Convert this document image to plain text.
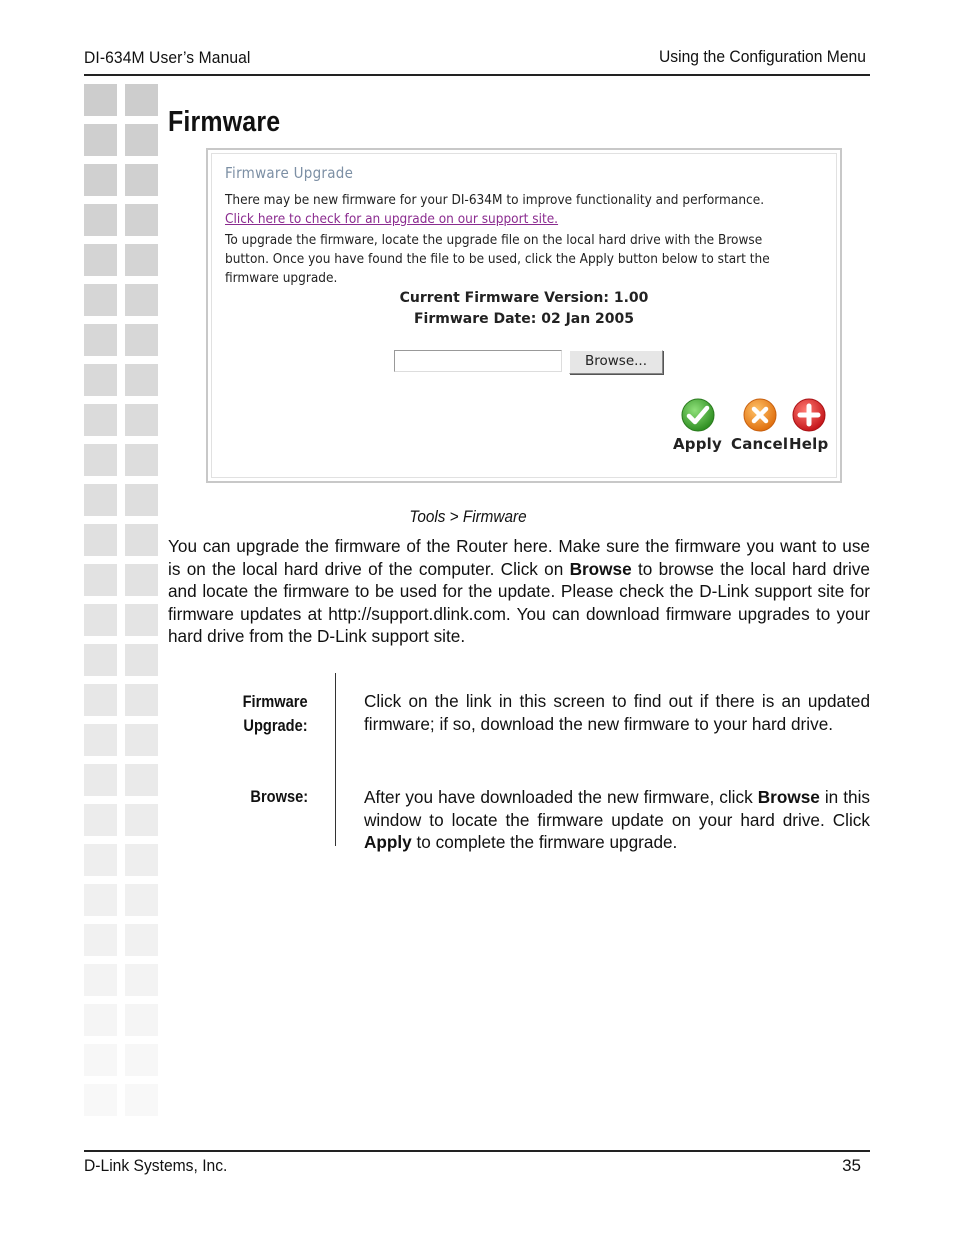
DI-634M User’s Manual	Using the Configuration Menu
Firmware
Firmware Upgrade
There may be new firmware for your DI-634M to improve functionality and performance.
Click here to check for an upgrade on our support site.
To upgrade the firmware, locate the upgrade file on the local hard drive with the Browse
button. Once you have found the file to be used, click the Apply button below to start the
firmware upgrade.
Current Firmware Version: 1.00
Firmware Date: 02 Jan 2005
Browse...
Apply Cancel Help
Tools > Firmware
You can upgrade the firmware of the Router here. Make sure the firmware you want to use is on the local hard drive of the computer. Click on Browse to browse the local hard drive and locate the firmware to be used for the update. Please check the D-Link support site for firmware updates at http://support.dlink.com. You can download firmware upgrades to your hard drive from the D-Link support site.
Firmware
Upgrade:
Browse:
Click on the link in this screen to find out if there is an updated firmware; if so, download the new firmware to your hard drive.
After you have downloaded the new firmware, click Browse in this window to locate the firmware update on your hard drive. Click Apply to complete the firmware upgrade.
D-Link Systems, Inc.	35
